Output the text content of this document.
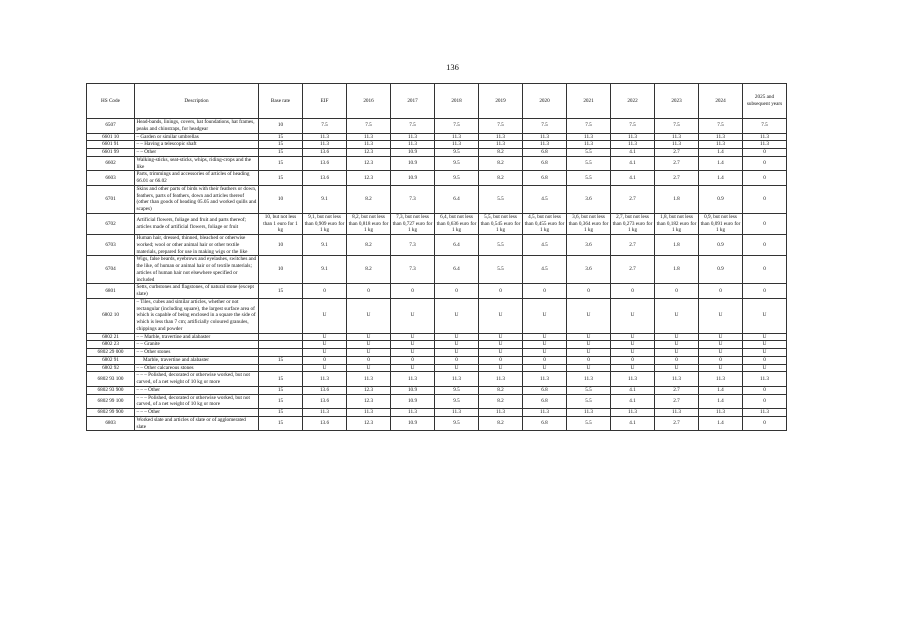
136
HS Code	Description	Base rate	EIF	2016	2017	2018	2019	2020	2021	2022	2023	2024	2025 and subsequent years
6507	Head-bands, linings, covers, hat foundations, hat frames, peaks and chinstraps, for headgear	10	7.5	7.5	7.5	7.5	7.5	7.5	7.5	7.5	7.5	7.5	7.5
6601 10	– Garden or similar umbrellas	15	11.3	11.3	11.3	11.3	11.3	11.3	11.3	11.3	11.3	11.3	11.3
6601 91	– – Having a telescopic shaft	15	11.3	11.3	11.3	11.3	11.3	11.3	11.3	11.3	11.3	11.3	11.3
6601 99	– – Other	15	13.6	12.3	10.9	9.5	8.2	6.8	5.5	4.1	2.7	1.4	0
6602	Walking-sticks, seat-sticks, whips, riding-crops and the like	15	13.6	12.3	10.9	9.5	8.2	6.8	5.5	4.1	2.7	1.4	0
6603	Parts, trimmings and accessories of articles of heading 66.01 or 66.02	15	13.6	12.3	10.9	9.5	8.2	6.8	5.5	4.1	2.7	1.4	0
6701	Skins and other parts of birds with their feathers or down, feathers, parts of feathers, down and articles thereof (other than goods of heading 05.05 and worked quills and scapes)	10	9.1	8.2	7.3	6.4	5.5	4.5	3.6	2.7	1.8	0.9	0
6702	Artificial flowers, foliage and fruit and parts thereof; articles made of artificial flowers, foliage or fruit	10, but not less than 1 euro for 1 kg	9,1, but not less than 0,909 euro for 1 kg	8,2, but not less than 0,818 euro for 1 kg	7,3, but not less than 0,727 euro for 1 kg	6,4, but not less than 0,636 euro for 1 kg	5,5, but not less than 0,545 euro for 1 kg	4,5, but not less than 0,455 euro for 1 kg	3,6, but not less than 0,364 euro for 1 kg	2,7, but not less than 0,273 euro for 1 kg	1,8, but not less than 0,182 euro for 1 kg	0,9, but not less than 0,091 euro for 1 kg	0
6703	Human hair, dressed, thinned, bleached or otherwise worked; wool or other animal hair or other textile materials, prepared for use in making wigs or the like	10	9.1	8.2	7.3	6.4	5.5	4.5	3.6	2.7	1.8	0.9	0
6704	Wigs, false beards, eyebrows and eyelashes, switches and the like, of human or animal hair or of textile materials; articles of human hair not elsewhere specified or included	10	9.1	8.2	7.3	6.4	5.5	4.5	3.6	2.7	1.8	0.9	0
6801	Setts, curbstones and flagstones, of natural stone (except slate)	15	0	0	0	0	0	0	0	0	0	0	0
6802 10	– Tiles, cubes and similar articles, whether or not rectangular (including square), the largest surface area of which is capable of being enclosed in a square the side of which is less than 7 cm; artificially coloured granules, chippings and powder		U	U	U	U	U	U	U	U	U	U	U
6802 21	– – Marble, travertine and alabaster		U	U	U	U	U	U	U	U	U	U	U
6802 23	– – Granite		U	U	U	U	U	U	U	U	U	U	U
6802 29 000	– – Other stones		U	U	U	U	U	U	U	U	U	U	U
6802 91	Marble, travertine and alabaster	15	0	0	0	0	0	0	0	0	0	0	0
6802 92	– – Other calcareous stones		U	U	U	U	U	U	U	U	U	U	U
6802 93 100	– – – Polished, decorated or otherwise worked, but not carved, of a net weight of 10 kg or more	15	11.3	11.3	11.3	11.3	11.3	11.3	11.3	11.3	11.3	11.3	11.3
6802 93 900	– – – Other	15	13.6	12.3	10.9	9.5	8.2	6.8	5.5	4.1	2.7	1.4	0
6802 99 100	– – – Polished, decorated or otherwise worked, but not carved, of a net weight of 10 kg or more	15	13.6	12.3	10.9	9.5	8.2	6.8	5.5	4.1	2.7	1.4	0
6802 99 900	– – – Other	15	11.3	11.3	11.3	11.3	11.3	11.3	11.3	11.3	11.3	11.3	11.3
6803	Worked slate and articles of slate or of agglomerated slate	15	13.6	12.3	10.9	9.5	8.2	6.8	5.5	4.1	2.7	1.4	0
